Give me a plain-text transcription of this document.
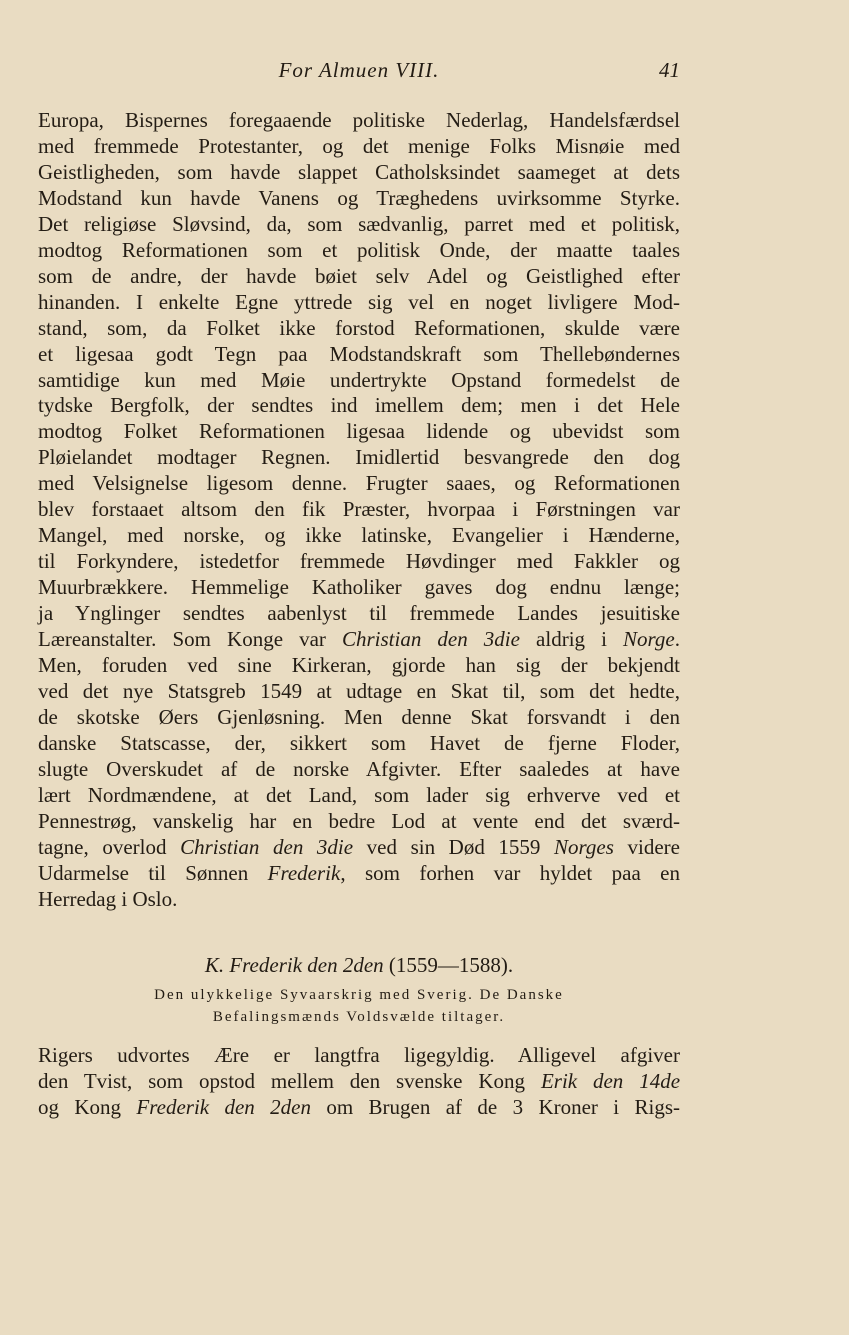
For Almuen VIII.	41
Europa, Bispernes foregaaende politiske Nederlag, Handelsfærdsel
med fremmede Protestanter, og det menige Folks Misnøie med
Geistligheden, som havde slappet Catholsksindet saameget at dets
Modstand kun havde Vanens og Træghedens uvirksomme Styrke.
Det religiøse Sløvsind, da, som sædvanlig, parret med et politisk,
modtog Reformationen som et politisk Onde, der maatte taales
som de andre, der havde bøiet selv Adel og Geistlighed efter
hinanden. I enkelte Egne yttrede sig vel en noget livligere Mod-
stand, som, da Folket ikke forstod Reformationen, skulde være
et ligesaa godt Tegn paa Modstandskraft som Thellebøndernes
samtidige kun med Møie undertrykte Opstand formedelst de
tydske Bergfolk, der sendtes ind imellem dem; men i det Hele
modtog Folket Reformationen ligesaa lidende og ubevidst som
Pløielandet modtager Regnen. Imidlertid besvangrede den dog
med Velsignelse ligesom denne. Frugter saaes, og Reformationen
blev forstaaet altsom den fik Præster, hvorpaa i Førstningen var
Mangel, med norske, og ikke latinske, Evangelier i Hænderne,
til Forkyndere, istedetfor fremmede Høvdinger med Fakkler og
Muurbrækkere. Hemmelige Katholiker gaves dog endnu længe;
ja Ynglinger sendtes aabenlyst til fremmede Landes jesuitiske
Læreanstalter. Som Konge var Christian den 3die aldrig i Norge.
Men, foruden ved sine Kirkeran, gjorde han sig der bekjendt
ved det nye Statsgreb 1549 at udtage en Skat til, som det hedte,
de skotske Øers Gjenløsning. Men denne Skat forsvandt i den
danske Statscasse, der, sikkert som Havet de fjerne Floder,
slugte Overskudet af de norske Afgivter. Efter saaledes at have
lært Nordmændene, at det Land, som lader sig erhverve ved et
Pennestrøg, vanskelig har en bedre Lod at vente end det sværd-
tagne, overlod Christian den 3die ved sin Død 1559 Norges videre
Udarmelse til Sønnen Frederik, som forhen var hyldet paa en
Herredag i Oslo.

K. Frederik den 2den (1559—1588).

Den ulykkelige Syvaarskrig med Sverig. De Danske
Befalingsmænds Voldsvælde tiltager.

Rigers udvortes Ære er langtfra ligegyldig. Alligevel afgiver
den Tvist, som opstod mellem den svenske Kong Erik den 14de
og Kong Frederik den 2den om Brugen af de 3 Kroner i Rigs-
